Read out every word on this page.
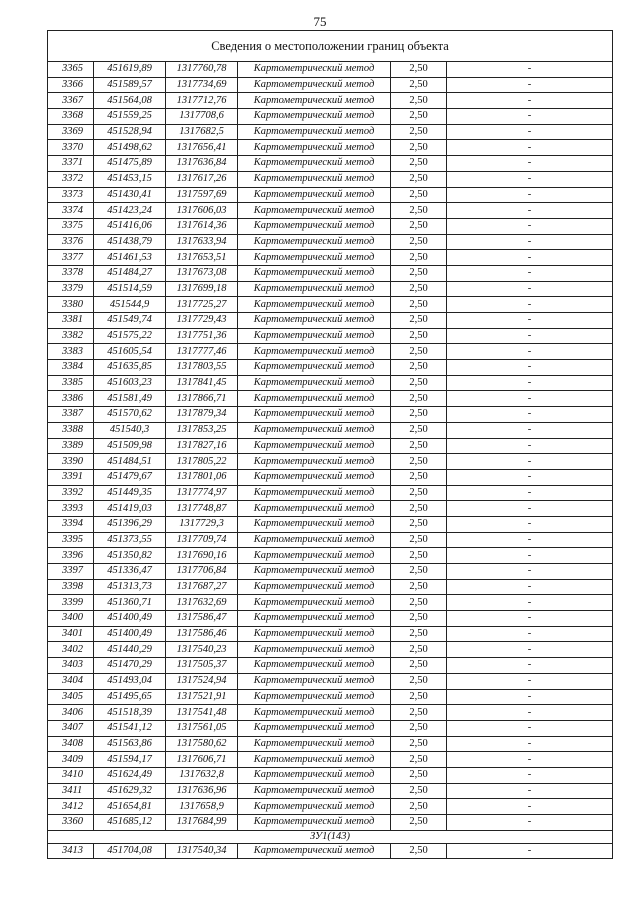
75
Сведения о местоположении границ объекта					
3365	451619,89	1317760,78	Картометрический метод	2,50	-
3366	451589,57	1317734,69	Картометрический метод	2,50	-
3367	451564,08	1317712,76	Картометрический метод	2,50	-
3368	451559,25	1317708,6	Картометрический метод	2,50	-
3369	451528,94	1317682,5	Картометрический метод	2,50	-
3370	451498,62	1317656,41	Картометрический метод	2,50	-
3371	451475,89	1317636,84	Картометрический метод	2,50	-
3372	451453,15	1317617,26	Картометрический метод	2,50	-
3373	451430,41	1317597,69	Картометрический метод	2,50	-
3374	451423,24	1317606,03	Картометрический метод	2,50	-
3375	451416,06	1317614,36	Картометрический метод	2,50	-
3376	451438,79	1317633,94	Картометрический метод	2,50	-
3377	451461,53	1317653,51	Картометрический метод	2,50	-
3378	451484,27	1317673,08	Картометрический метод	2,50	-
3379	451514,59	1317699,18	Картометрический метод	2,50	-
3380	451544,9	1317725,27	Картометрический метод	2,50	-
3381	451549,74	1317729,43	Картометрический метод	2,50	-
3382	451575,22	1317751,36	Картометрический метод	2,50	-
3383	451605,54	1317777,46	Картометрический метод	2,50	-
3384	451635,85	1317803,55	Картометрический метод	2,50	-
3385	451603,23	1317841,45	Картометрический метод	2,50	-
3386	451581,49	1317866,71	Картометрический метод	2,50	-
3387	451570,62	1317879,34	Картометрический метод	2,50	-
3388	451540,3	1317853,25	Картометрический метод	2,50	-
3389	451509,98	1317827,16	Картометрический метод	2,50	-
3390	451484,51	1317805,22	Картометрический метод	2,50	-
3391	451479,67	1317801,06	Картометрический метод	2,50	-
3392	451449,35	1317774,97	Картометрический метод	2,50	-
3393	451419,03	1317748,87	Картометрический метод	2,50	-
3394	451396,29	1317729,3	Картометрический метод	2,50	-
3395	451373,55	1317709,74	Картометрический метод	2,50	-
3396	451350,82	1317690,16	Картометрический метод	2,50	-
3397	451336,47	1317706,84	Картометрический метод	2,50	-
3398	451313,73	1317687,27	Картометрический метод	2,50	-
3399	451360,71	1317632,69	Картометрический метод	2,50	-
3400	451400,49	1317586,47	Картометрический метод	2,50	-
3401	451400,49	1317586,46	Картометрический метод	2,50	-
3402	451440,29	1317540,23	Картометрический метод	2,50	-
3403	451470,29	1317505,37	Картометрический метод	2,50	-
3404	451493,04	1317524,94	Картометрический метод	2,50	-
3405	451495,65	1317521,91	Картометрический метод	2,50	-
3406	451518,39	1317541,48	Картометрический метод	2,50	-
3407	451541,12	1317561,05	Картометрический метод	2,50	-
3408	451563,86	1317580,62	Картометрический метод	2,50	-
3409	451594,17	1317606,71	Картометрический метод	2,50	-
3410	451624,49	1317632,8	Картометрический метод	2,50	-
3411	451629,32	1317636,96	Картометрический метод	2,50	-
3412	451654,81	1317658,9	Картометрический метод	2,50	-
3360	451685,12	1317684,99	Картометрический метод	2,50	-
ЗУ1(143)					
3413	451704,08	1317540,34	Картометрический метод	2,50	-
